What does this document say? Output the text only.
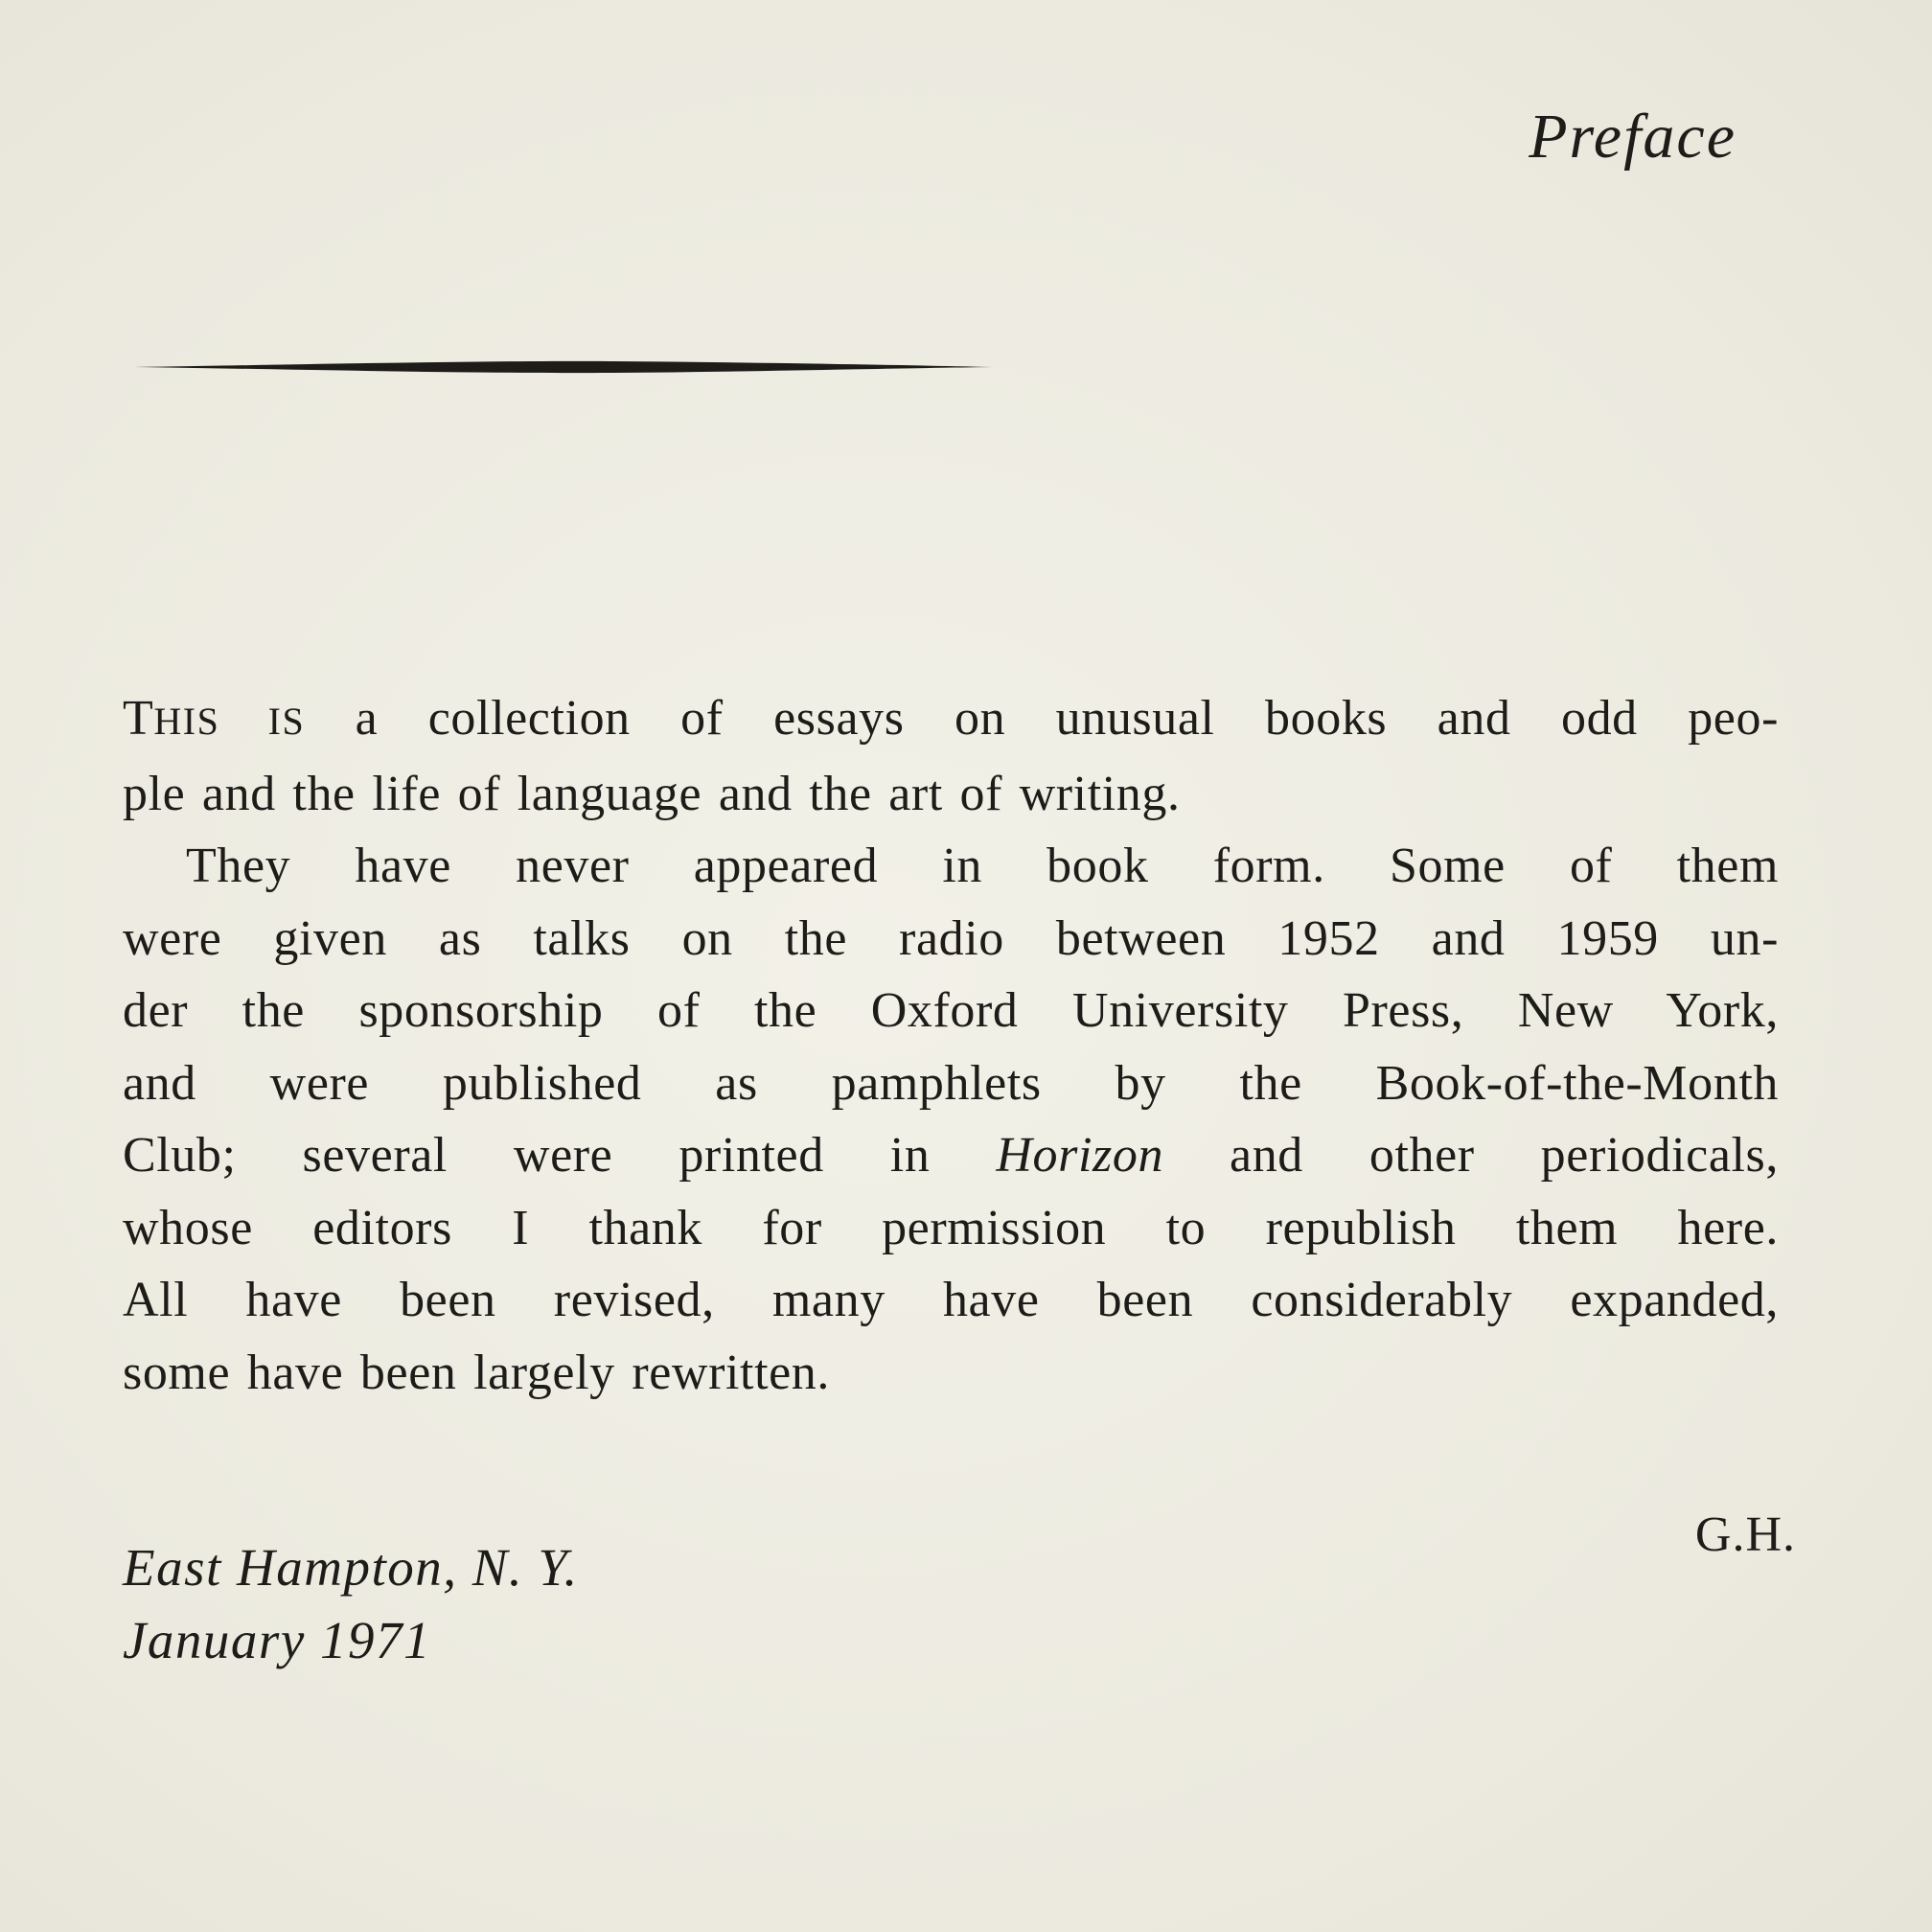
Preface
THIS IS a collection of essays on unusual books and odd peo-
ple and the life of language and the art of writing.
They have never appeared in book form. Some of them
were given as talks on the radio between 1952 and 1959 un-
der the sponsorship of the Oxford University Press, New York,
and were published as pamphlets by the Book-of-the-Month
Club; several were printed in Horizon and other periodicals,
whose editors I thank for permission to republish them here.
All have been revised, many have been considerably expanded,
some have been largely rewritten.
G.H.
East Hampton, N. Y.
January 1971
